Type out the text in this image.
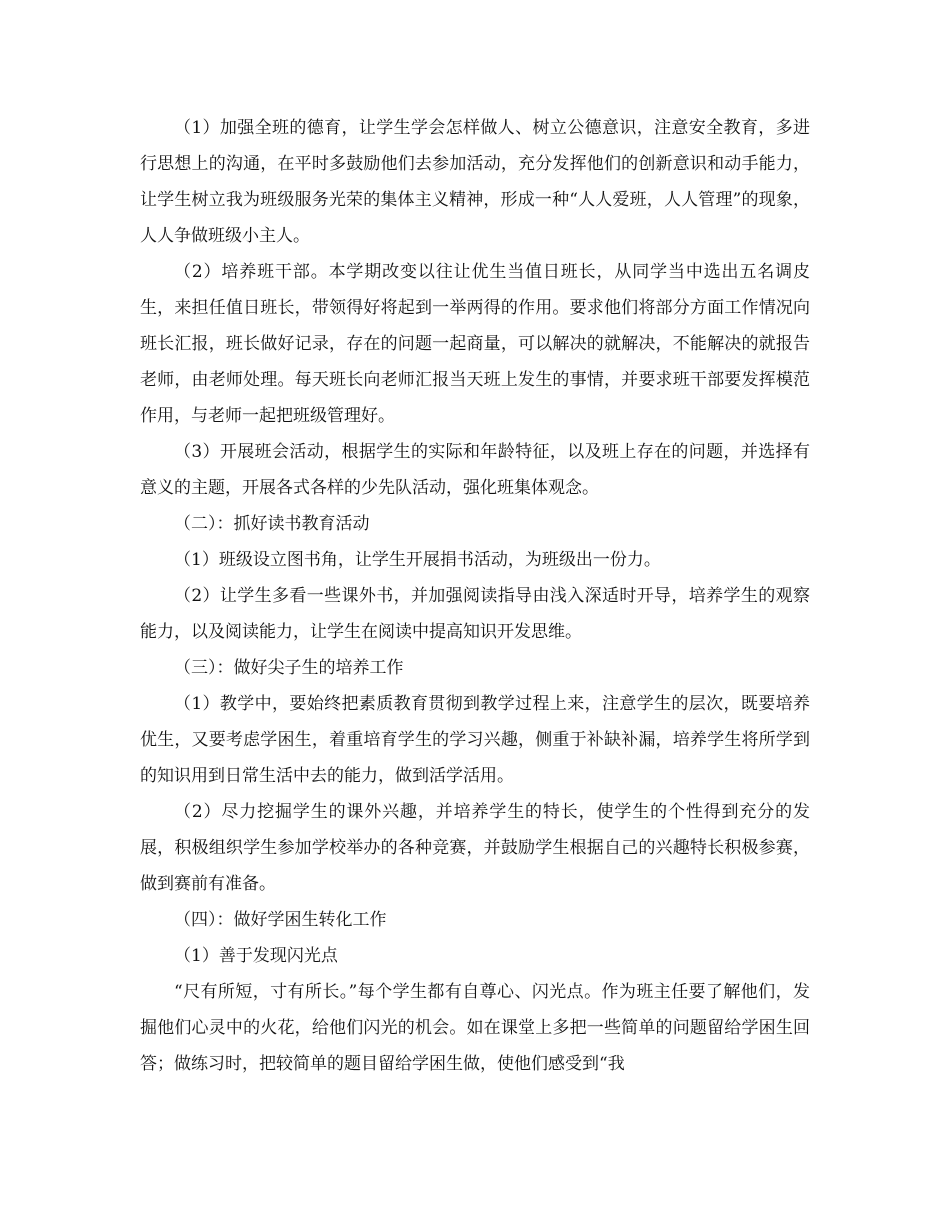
（1）加强全班的德育，让学生学会怎样做人、树立公德意识，注意安全教育，多进行思想上的沟通，在平时多鼓励他们去参加活动，充分发挥他们的创新意识和动手能力，让学生树立我为班级服务光荣的集体主义精神，形成一种“人人爱班，人人管理”的现象，人人争做班级小主人。

（2）培养班干部。本学期改变以往让优生当值日班长，从同学当中选出五名调皮生，来担任值日班长，带领得好将起到一举两得的作用。要求他们将部分方面工作情况向班长汇报，班长做好记录，存在的问题一起商量，可以解决的就解决，不能解决的就报告老师，由老师处理。每天班长向老师汇报当天班上发生的事情，并要求班干部要发挥模范作用，与老师一起把班级管理好。

（3）开展班会活动，根据学生的实际和年龄特征，以及班上存在的问题，并选择有意义的主题，开展各式各样的少先队活动，强化班集体观念。

（二）：抓好读书教育活动

（1）班级设立图书角，让学生开展捐书活动，为班级出一份力。

（2）让学生多看一些课外书，并加强阅读指导由浅入深适时开导，培养学生的观察能力，以及阅读能力，让学生在阅读中提高知识开发思维。

（三）：做好尖子生的培养工作

（1）教学中，要始终把素质教育贯彻到教学过程上来，注意学生的层次，既要培养优生，又要考虑学困生，着重培育学生的学习兴趣，侧重于补缺补漏，培养学生将所学到的知识用到日常生活中去的能力，做到活学活用。

（2）尽力挖掘学生的课外兴趣，并培养学生的特长，使学生的个性得到充分的发展，积极组织学生参加学校举办的各种竞赛，并鼓励学生根据自己的兴趣特长积极参赛，做到赛前有准备。

（四）：做好学困生转化工作

（1）善于发现闪光点

“尺有所短，寸有所长。”每个学生都有自尊心、闪光点。作为班主任要了解他们，发掘他们心灵中的火花，给他们闪光的机会。如在课堂上多把一些简单的问题留给学困生回答；做练习时，把较简单的题目留给学困生做，使他们感受到“我
